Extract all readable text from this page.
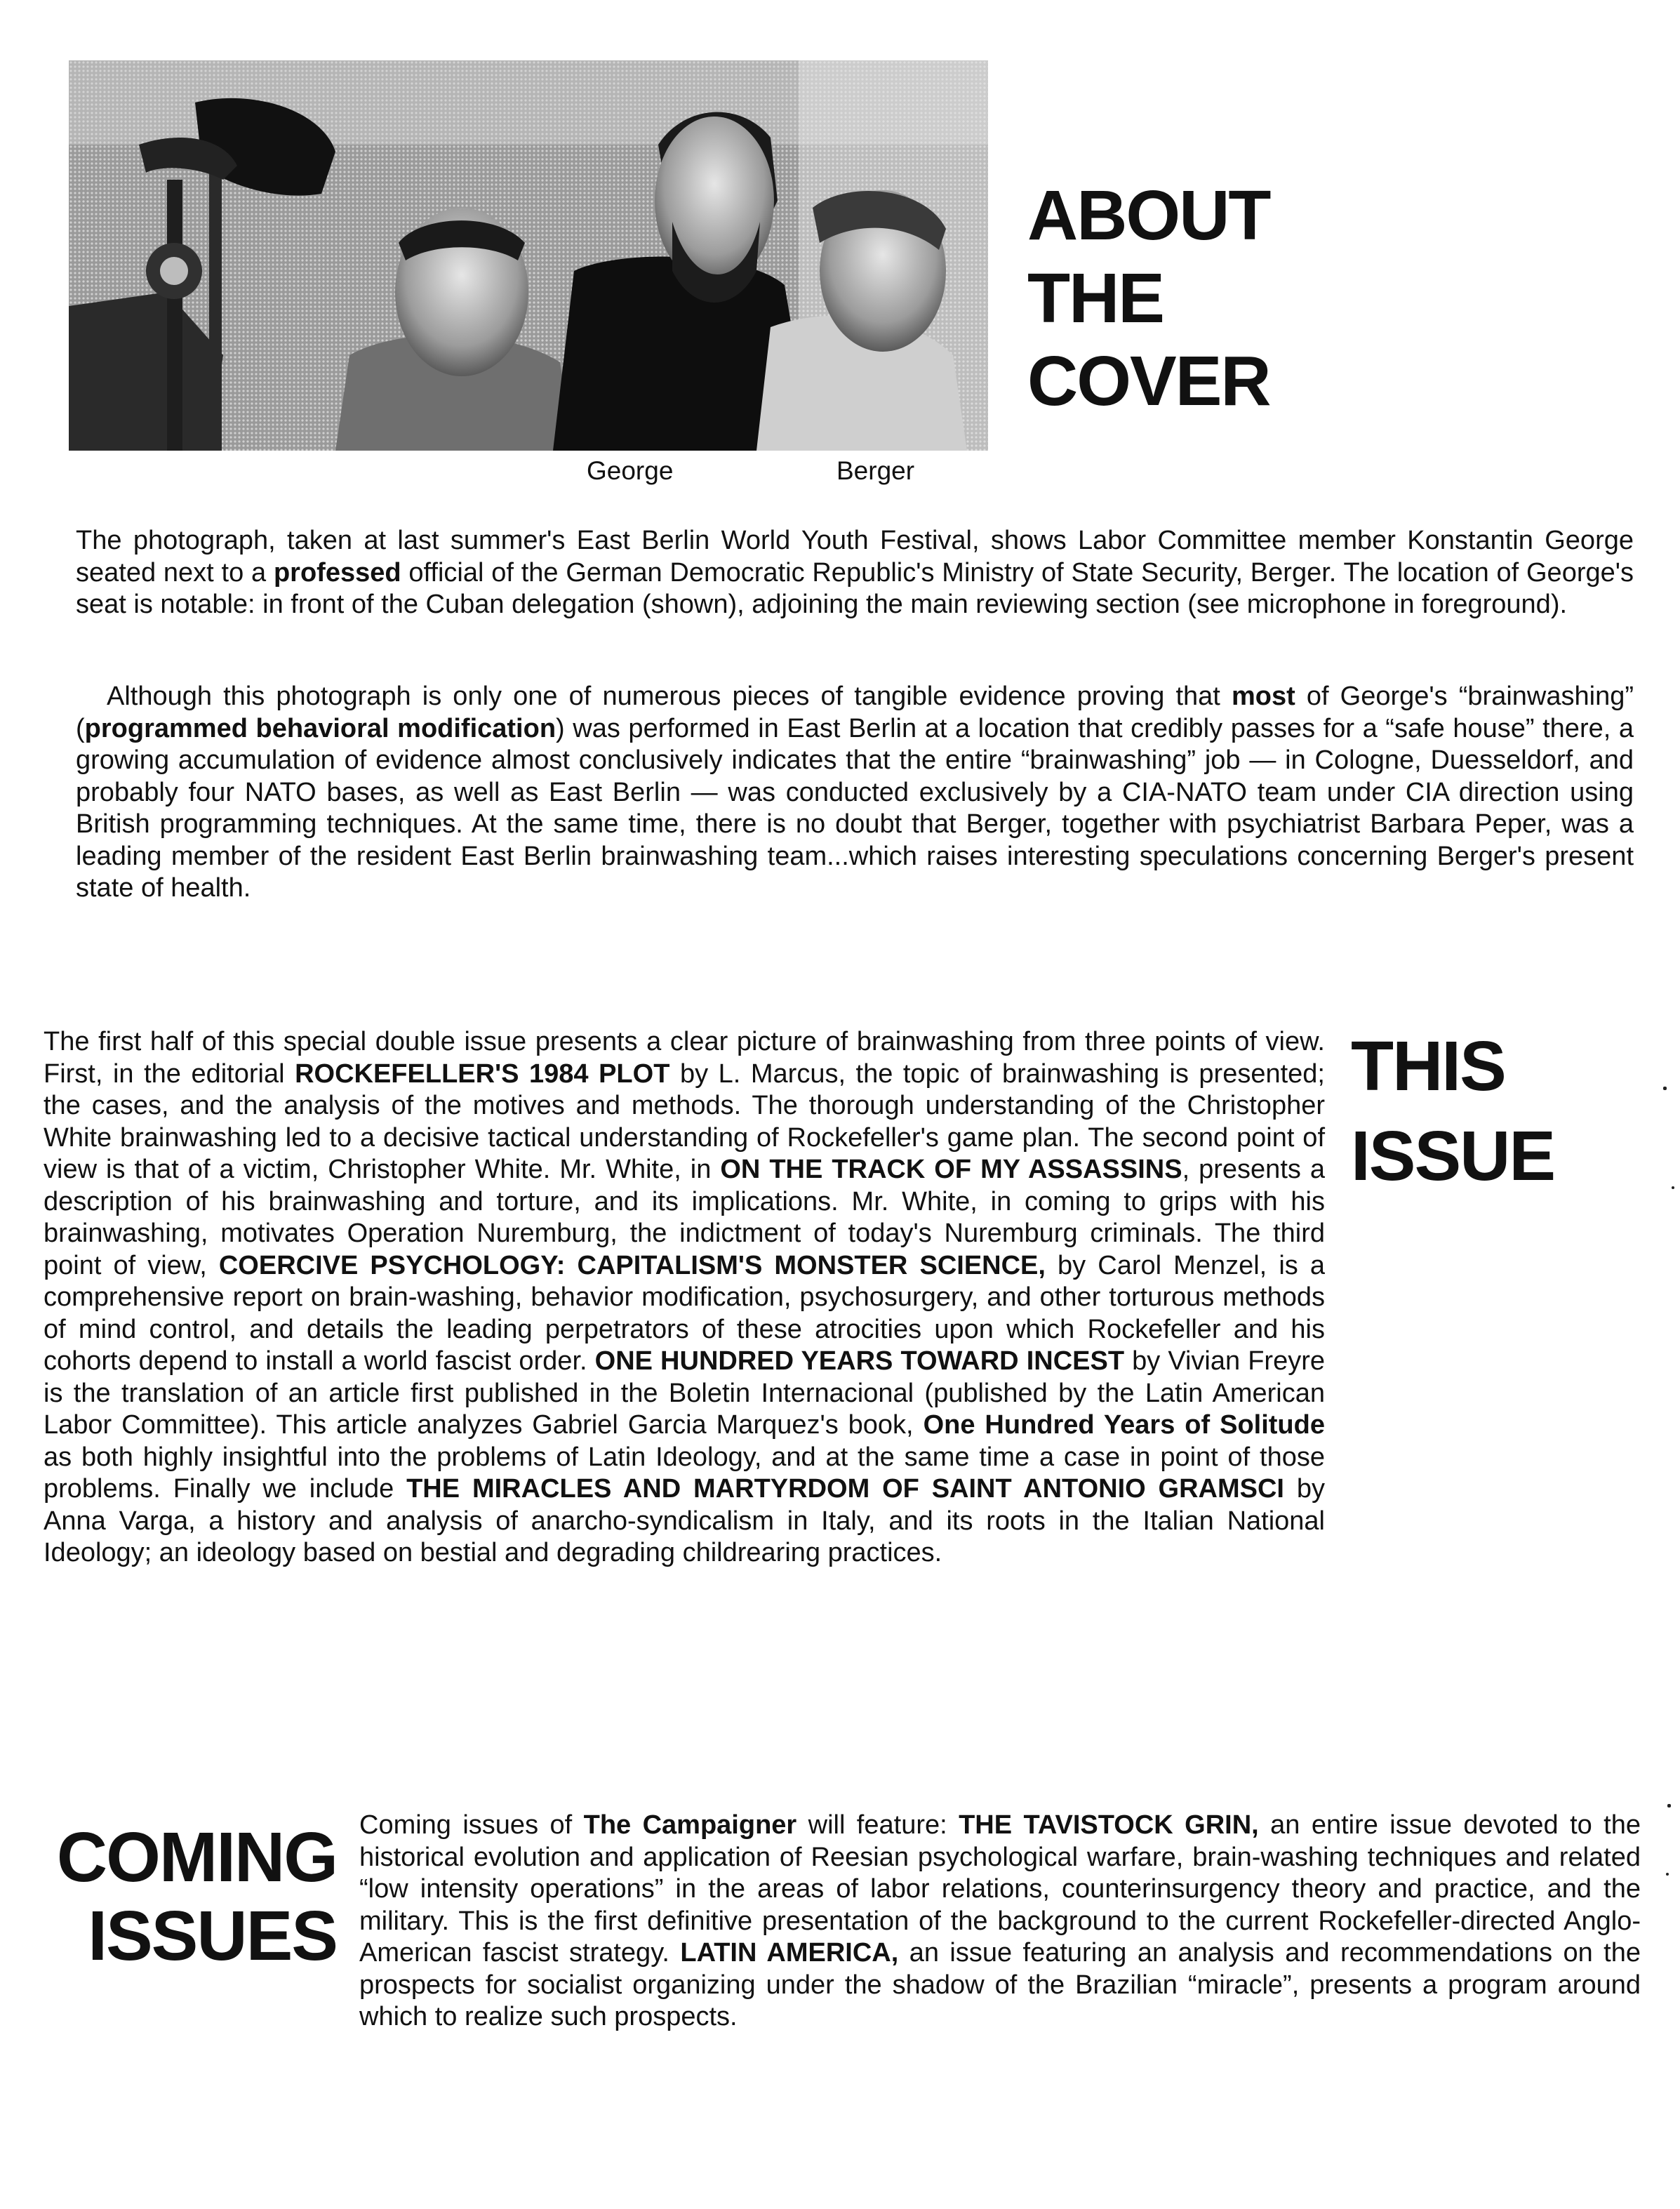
George	Berger
ABOUT
THE
COVER
The photograph, taken at last summer's East Berlin World Youth Festival, shows Labor Committee member Konstantin George seated next to a professed official of the German Democratic Republic's Ministry of State Security, Berger. The location of George's seat is notable: in front of the Cuban delegation (shown), adjoining the main reviewing section (see microphone in foreground).
Although this photograph is only one of numerous pieces of tangible evidence proving that most of George's “brainwashing” (programmed behavioral modification) was performed in East Berlin at a location that credibly passes for a “safe house” there, a growing accumulation of evidence almost conclusively indicates that the entire “brainwashing” job — in Cologne, Duesseldorf, and probably four NATO bases, as well as East Berlin — was conducted exclusively by a CIA-NATO team under CIA direction using British programming techniques. At the same time, there is no doubt that Berger, together with psychiatrist Barbara Peper, was a leading member of the resident East Berlin brainwashing team...which raises interesting speculations concerning Berger's present state of health.
THIS
ISSUE
The first half of this special double issue presents a clear picture of brainwashing from three points of view. First, in the editorial ROCKEFELLER'S 1984 PLOT by L. Marcus, the topic of brainwashing is presented; the cases, and the analysis of the motives and methods. The thorough understanding of the Christopher White brainwashing led to a decisive tactical understanding of Rockefeller's game plan. The second point of view is that of a victim, Christopher White. Mr. White, in ON THE TRACK OF MY ASSASSINS, presents a description of his brainwashing and torture, and its implications. Mr. White, in coming to grips with his brainwashing, motivates Operation Nuremburg, the indictment of today's Nuremburg criminals. The third point of view, COERCIVE PSYCHOLOGY: CAPITALISM'S MONSTER SCIENCE, by Carol Menzel, is a comprehensive report on brain-washing, behavior modification, psychosurgery, and other torturous methods of mind control, and details the leading perpetrators of these atrocities upon which Rockefeller and his cohorts depend to install a world fascist order. ONE HUNDRED YEARS TOWARD INCEST by Vivian Freyre is the translation of an article first published in the Boletin Internacional (published by the Latin American Labor Committee). This article analyzes Gabriel Garcia Marquez's book, One Hundred Years of Solitude as both highly insightful into the problems of Latin Ideology, and at the same time a case in point of those problems. Finally we include THE MIRACLES AND MARTYRDOM OF SAINT ANTONIO GRAMSCI by Anna Varga, a history and analysis of anarcho-syndicalism in Italy, and its roots in the Italian National Ideology; an ideology based on bestial and degrading childrearing practices.
COMING
ISSUES
Coming issues of The Campaigner will feature: THE TAVISTOCK GRIN, an entire issue devoted to the historical evolution and application of Reesian psychological warfare, brain-washing techniques and related “low intensity operations” in the areas of labor relations, counterinsurgency theory and practice, and the military. This is the first definitive presentation of the background to the current Rockefeller-directed Anglo-American fascist strategy. LATIN AMERICA, an issue featuring an analysis and recommendations on the prospects for socialist organizing under the shadow of the Brazilian “miracle”, presents a program around which to realize such prospects.
